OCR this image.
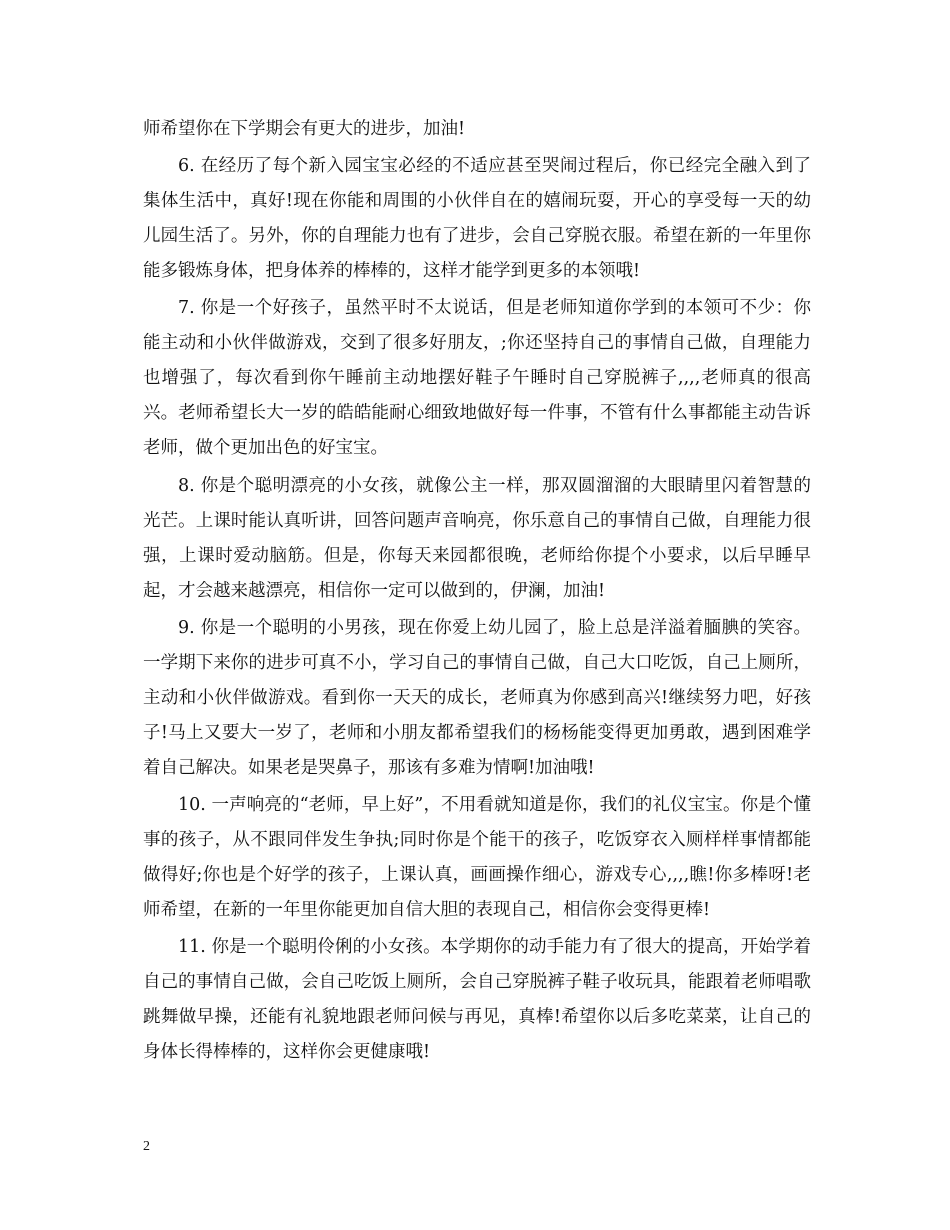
师希望你在下学期会有更大的进步，加油!

6. 在经历了每个新入园宝宝必经的不适应甚至哭闹过程后，你已经完全融入到了集体生活中，真好!现在你能和周围的小伙伴自在的嬉闹玩耍，开心的享受每一天的幼儿园生活了。另外，你的自理能力也有了进步，会自己穿脱衣服。希望在新的一年里你能多锻炼身体，把身体养的棒棒的，这样才能学到更多的本领哦!

7. 你是一个好孩子，虽然平时不太说话，但是老师知道你学到的本领可不少：你能主动和小伙伴做游戏，交到了很多好朋友，;你还坚持自己的事情自己做，自理能力也增强了，每次看到你午睡前主动地摆好鞋子午睡时自己穿脱裤子,,,,老师真的很高兴。老师希望长大一岁的皓皓能耐心细致地做好每一件事，不管有什么事都能主动告诉老师，做个更加出色的好宝宝。

8. 你是个聪明漂亮的小女孩，就像公主一样，那双圆溜溜的大眼睛里闪着智慧的光芒。上课时能认真听讲，回答问题声音响亮，你乐意自己的事情自己做，自理能力很强，上课时爱动脑筋。但是，你每天来园都很晚，老师给你提个小要求，以后早睡早起，才会越来越漂亮，相信你一定可以做到的，伊澜，加油!

9. 你是一个聪明的小男孩，现在你爱上幼儿园了，脸上总是洋溢着腼腆的笑容。一学期下来你的进步可真不小，学习自己的事情自己做，自己大口吃饭，自己上厕所，主动和小伙伴做游戏。看到你一天天的成长，老师真为你感到高兴!继续努力吧，好孩子!马上又要大一岁了，老师和小朋友都希望我们的杨杨能变得更加勇敢，遇到困难学着自己解决。如果老是哭鼻子，那该有多难为情啊!加油哦!

10. 一声响亮的“老师，早上好”，不用看就知道是你，我们的礼仪宝宝。你是个懂事的孩子，从不跟同伴发生争执;同时你是个能干的孩子，吃饭穿衣入厕样样事情都能做得好;你也是个好学的孩子，上课认真，画画操作细心，游戏专心,,,,瞧!你多棒呀!老师希望，在新的一年里你能更加自信大胆的表现自己，相信你会变得更棒!

11. 你是一个聪明伶俐的小女孩。本学期你的动手能力有了很大的提高，开始学着自己的事情自己做，会自己吃饭上厕所，会自己穿脱裤子鞋子收玩具，能跟着老师唱歌跳舞做早操，还能有礼貌地跟老师问候与再见，真棒!希望你以后多吃菜菜，让自己的身体长得棒棒的，这样你会更健康哦!

2
